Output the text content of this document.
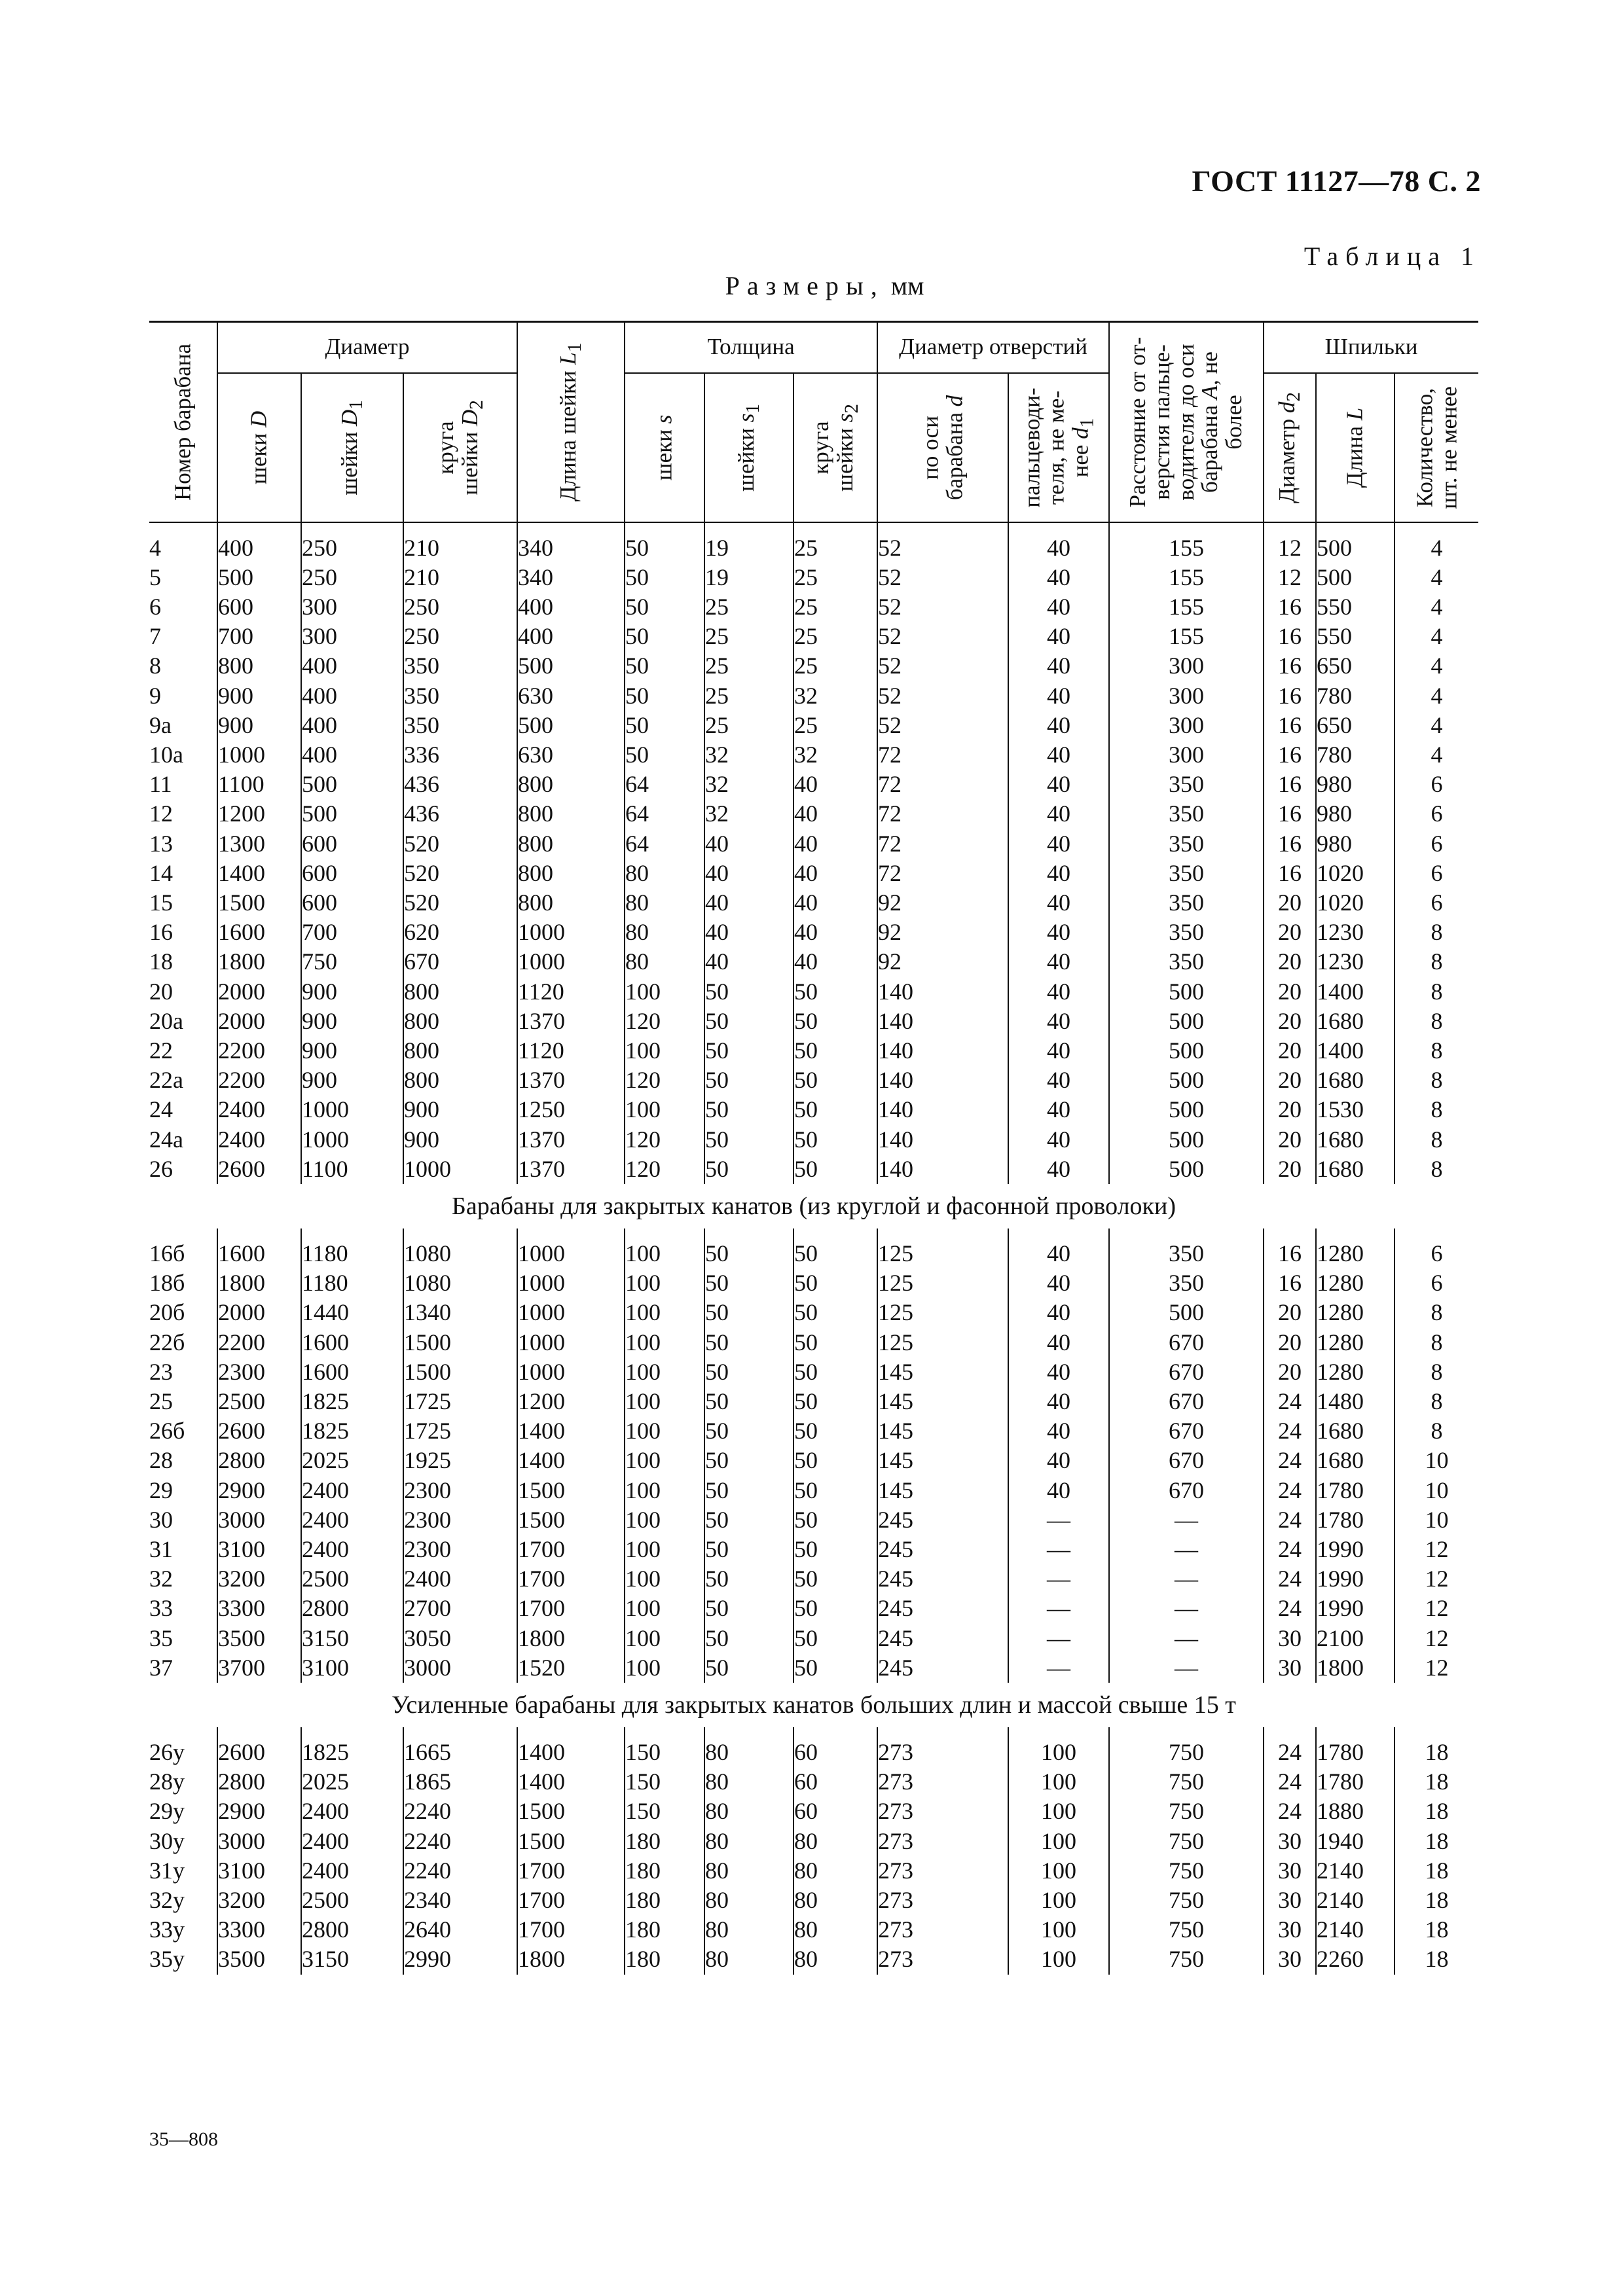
ГОСТ 11127—78 С. 2
Таблица 1
Размеры, мм
Номер барабана	Диаметр			Длина шейки $L_1$	Толщина			Диаметр отверстий		Расстояние от от-
верстия пальце-
водителя до оси
барабана A, не
более	Шпильки		

	шеки D	шейки $D_1$	круга
шейки $D_2$		шеки s	шейки $s_1$	круга
шейки $s_2$	по оси
барабана d	пальцеводи-
теля, не ме-
нее $d_1$		Диаметр $d_2$	Длина L	Количество,
шт. не менее

4	400	250	210	340	50	19	25	52	40	155	12	500	4
5	500	250	210	340	50	19	25	52	40	155	12	500	4
6	600	300	250	400	50	25	25	52	40	155	16	550	4
7	700	300	250	400	50	25	25	52	40	155	16	550	4
8	800	400	350	500	50	25	25	52	40	300	16	650	4
9	900	400	350	630	50	25	32	52	40	300	16	780	4
9а	900	400	350	500	50	25	25	52	40	300	16	650	4
10а	1000	400	336	630	50	32	32	72	40	300	16	780	4
11	1100	500	436	800	64	32	40	72	40	350	16	980	6
12	1200	500	436	800	64	32	40	72	40	350	16	980	6
13	1300	600	520	800	64	40	40	72	40	350	16	980	6
14	1400	600	520	800	80	40	40	72	40	350	16	1020	6
15	1500	600	520	800	80	40	40	92	40	350	20	1020	6
16	1600	700	620	1000	80	40	40	92	40	350	20	1230	8
18	1800	750	670	1000	80	40	40	92	40	350	20	1230	8
20	2000	900	800	1120	100	50	50	140	40	500	20	1400	8
20а	2000	900	800	1370	120	50	50	140	40	500	20	1680	8
22	2200	900	800	1120	100	50	50	140	40	500	20	1400	8
22а	2200	900	800	1370	120	50	50	140	40	500	20	1680	8
24	2400	1000	900	1250	100	50	50	140	40	500	20	1530	8
24а	2400	1000	900	1370	120	50	50	140	40	500	20	1680	8
26	2600	1100	1000	1370	120	50	50	140	40	500	20	1680	8
Барабаны для закрытых канатов (из круглой и фасонной проволоки)													
16б	1600	1180	1080	1000	100	50	50	125	40	350	16	1280	6
18б	1800	1180	1080	1000	100	50	50	125	40	350	16	1280	6
20б	2000	1440	1340	1000	100	50	50	125	40	500	20	1280	8
22б	2200	1600	1500	1000	100	50	50	125	40	670	20	1280	8
23	2300	1600	1500	1000	100	50	50	145	40	670	20	1280	8
25	2500	1825	1725	1200	100	50	50	145	40	670	24	1480	8
26б	2600	1825	1725	1400	100	50	50	145	40	670	24	1680	8
28	2800	2025	1925	1400	100	50	50	145	40	670	24	1680	10
29	2900	2400	2300	1500	100	50	50	145	40	670	24	1780	10
30	3000	2400	2300	1500	100	50	50	245	—	—	24	1780	10
31	3100	2400	2300	1700	100	50	50	245	—	—	24	1990	12
32	3200	2500	2400	1700	100	50	50	245	—	—	24	1990	12
33	3300	2800	2700	1700	100	50	50	245	—	—	24	1990	12
35	3500	3150	3050	1800	100	50	50	245	—	—	30	2100	12
37	3700	3100	3000	1520	100	50	50	245	—	—	30	1800	12
Усиленные барабаны для закрытых канатов больших длин и массой свыше 15 т													
26у	2600	1825	1665	1400	150	80	60	273	100	750	24	1780	18
28у	2800	2025	1865	1400	150	80	60	273	100	750	24	1780	18
29у	2900	2400	2240	1500	150	80	60	273	100	750	24	1880	18
30у	3000	2400	2240	1500	180	80	80	273	100	750	30	1940	18
31у	3100	2400	2240	1700	180	80	80	273	100	750	30	2140	18
32у	3200	2500	2340	1700	180	80	80	273	100	750	30	2140	18
33у	3300	2800	2640	1700	180	80	80	273	100	750	30	2140	18
35у	3500	3150	2990	1800	180	80	80	273	100	750	30	2260	18
35—808
